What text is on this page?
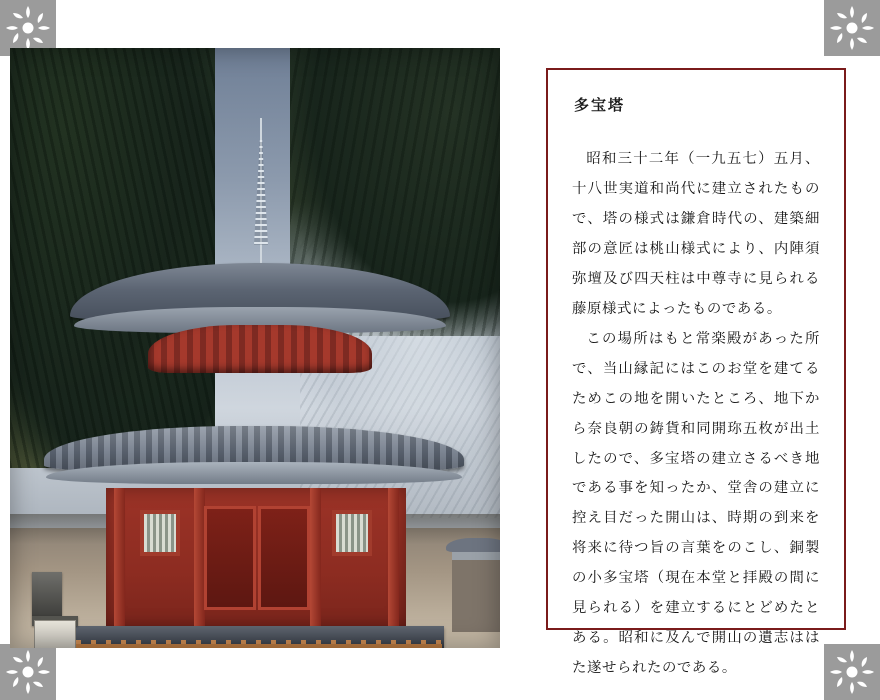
多宝塔

昭和三十二年（一九五七）五月、十八世実道和尚代に建立されたもので、塔の様式は鎌倉時代の、建築細部の意匠は桃山様式により、内陣須弥壇及び四天柱は中尊寺に見られる藤原様式によったものである。

この場所はもと常楽殿があった所で、当山縁記にはこのお堂を建てるためこの地を開いたところ、地下から奈良朝の鋳貨和同開珎五枚が出土したので、多宝塔の建立さるべき地である事を知ったか、堂舎の建立に控え目だった開山は、時期の到来を将来に待つ旨の言葉をのこし、銅製の小多宝塔（現在本堂と拝殿の間に見られる）を建立するにとどめたとある。昭和に及んで開山の遺志ははた遂せられたのである。
